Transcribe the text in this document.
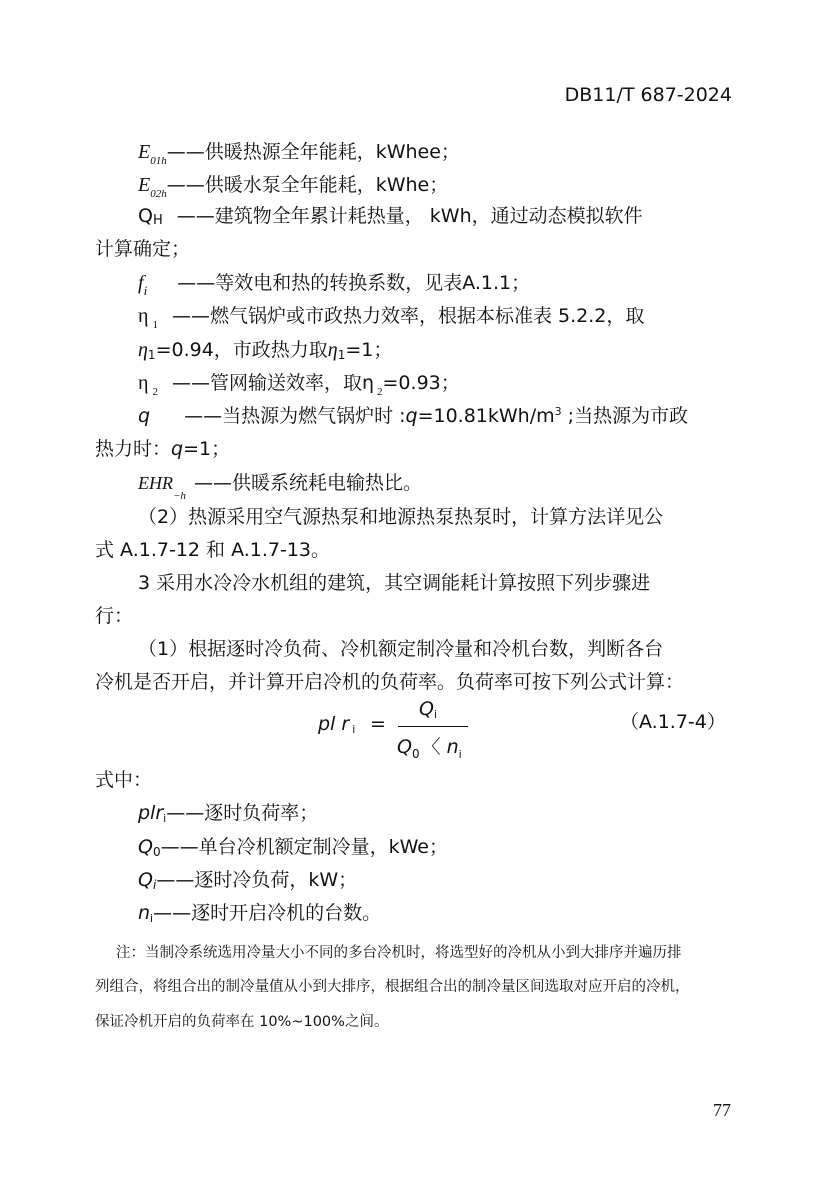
DB11/T 687-2024
$E_{01h}——$供暖热源全年能耗，kWhee；
$E_{02h}——$供暖水泵全年能耗，kWhe；
QH ——建筑物全年累计耗热量， kWh，通过动态模拟软件
计算确定；
$f_i$ ——等效电和热的转换系数，见表A.1.1；
η $_1$ ——燃气锅炉或市政热力效率，根据本标准表 5.2.2，取
η1=0.94，市政热力取η1=1；
η $_2$ ——管网输送效率，取η $_2$=0.93；
q ——当热源为燃气锅炉时 $:q=10.81kWh/m^3$ ;当热源为市政
热力时：q=1；
$EHR_{-h}——$供暖系统耗电输热比。
（2）热源采用空气源热泵和地源热泵热泵时，计算方法详见公
式 A.1.7-12 和 A.1.7-13。
3 采用水冷冷水机组的建筑，其空调能耗计算按照下列步骤进
行：
（1）根据逐时冷负荷、冷机额定制冷量和冷机台数，判断各台
冷机是否开启，并计算开启冷机的负荷率。负荷率可按下列公式计算：
pl r i =
Qi
$Q_0$ 〈 $n_i$
（A.1.7-4）
式中：
plri——逐时负荷率；
Q0——单台冷机额定制冷量，kWe；
Qi——逐时冷负荷，kW；
ni——逐时开启冷机的台数。
注：当制冷系统选用冷量大小不同的多台冷机时，将选型好的冷机从小到大排序并遍历排
列组合，将组合出的制冷量值从小到大排序，根据组合出的制冷量区间选取对应开启的冷机，
保证冷机开启的负荷率在 10%~100%之间。
77
